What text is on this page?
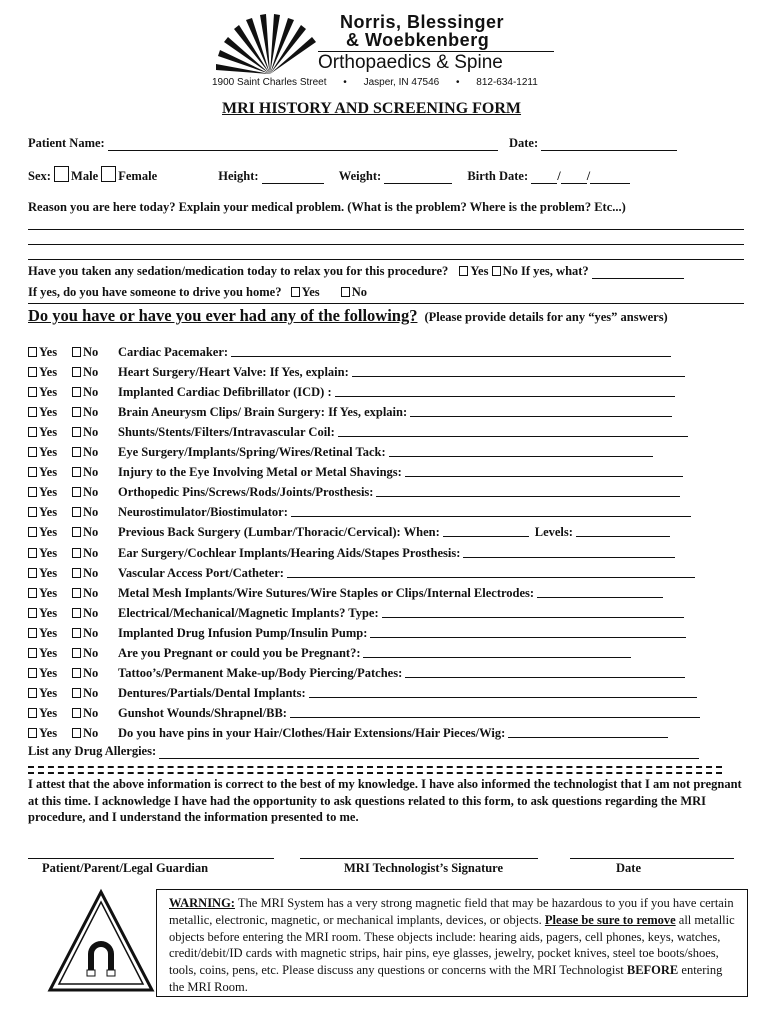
Norris, Blessinger
& Woebkenberg
Orthopaedics & Spine
1900 Saint Charles Street • Jasper, IN 47546 • 812-634-1211
MRI HISTORY AND SCREENING FORM
Patient Name:	Date:
Sex: Male Female	Height:	Weight:	Birth Date: / /
Reason you are here today? Explain your medical problem. (What is the problem? Where is the problem? Etc...)
Have you taken any sedation/medication today to relax you for this procedure? Yes No If yes, what?
If yes, do you have someone to drive you home? Yes	No
Do you have or have you ever had any of the following? (Please provide details for any “yes” answers)
Yes No Cardiac Pacemaker:
Yes No Heart Surgery/Heart Valve: If Yes, explain:
Yes No Implanted Cardiac Defibrillator (ICD) :
Yes No Brain Aneurysm Clips/ Brain Surgery: If Yes, explain:
Yes No Shunts/Stents/Filters/Intravascular Coil:
Yes No Eye Surgery/Implants/Spring/Wires/Retinal Tack:
Yes No Injury to the Eye Involving Metal or Metal Shavings:
Yes No Orthopedic Pins/Screws/Rods/Joints/Prosthesis:
Yes No Neurostimulator/Biostimulator:
Yes No Previous Back Surgery (Lumbar/Thoracic/Cervical): When:	Levels:
Yes No Ear Surgery/Cochlear Implants/Hearing Aids/Stapes Prosthesis:
Yes No Vascular Access Port/Catheter:
Yes No Metal Mesh Implants/Wire Sutures/Wire Staples or Clips/Internal Electrodes:
Yes No Electrical/Mechanical/Magnetic Implants? Type:
Yes No Implanted Drug Infusion Pump/Insulin Pump:
Yes No Are you Pregnant or could you be Pregnant?:
Yes No Tattoo’s/Permanent Make-up/Body Piercing/Patches:
Yes No Dentures/Partials/Dental Implants:
Yes No Gunshot Wounds/Shrapnel/BB:
Yes No Do you have pins in your Hair/Clothes/Hair Extensions/Hair Pieces/Wig:
List any Drug Allergies:
I attest that the above information is correct to the best of my knowledge. I have also informed the technologist that I am not pregnant at this time. I acknowledge I have had the opportunity to ask questions related to this form, to ask questions regarding the MRI procedure, and I understand the information presented to me.
Patient/Parent/Legal Guardian	MRI Technologist’s Signature	Date
WARNING: The MRI System has a very strong magnetic field that may be hazardous to you if you have certain metallic, electronic, magnetic, or mechanical implants, devices, or objects. Please be sure to remove all metallic objects before entering the MRI room. These objects include: hearing aids, pagers, cell phones, keys, watches, credit/debit/ID cards with magnetic strips, hair pins, eye glasses, jewelry, pocket knives, steel toe boots/shoes, tools, coins, pens, etc. Please discuss any questions or concerns with the MRI Technologist BEFORE entering the MRI Room.
